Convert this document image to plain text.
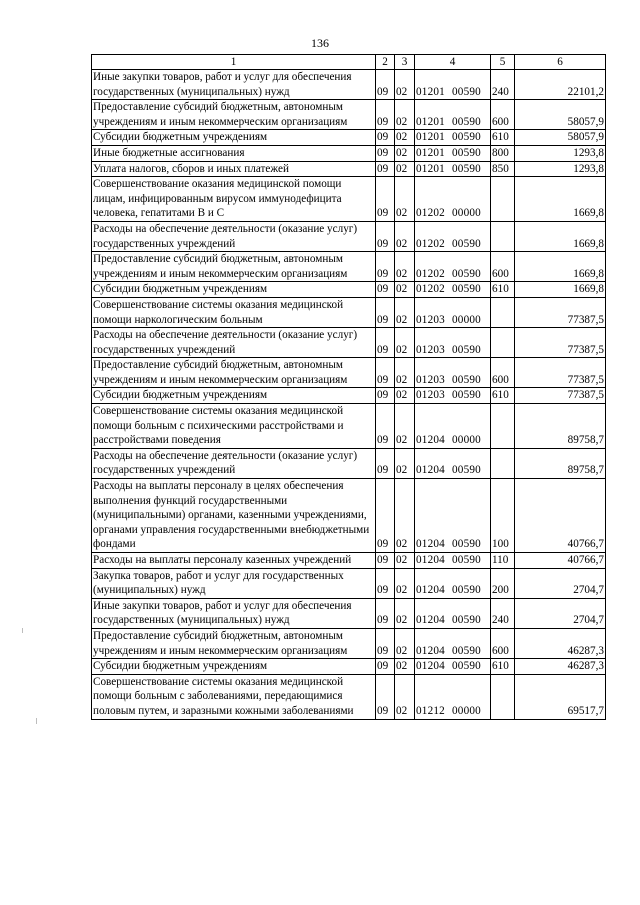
136
1	2	3	4	5	6
Иные закупки товаров, работ и услуг для обеспечения государственных (муниципальных) нужд	09	02	01201 00590	240	22101,2
Предоставление субсидий бюджетным, автономным учреждениям и иным некоммерческим организациям	09	02	01201 00590	600	58057,9
Субсидии бюджетным учреждениям	09	02	01201 00590	610	58057,9
Иные бюджетные ассигнования	09	02	01201 00590	800	1293,8
Уплата налогов, сборов и иных платежей	09	02	01201 00590	850	1293,8
Совершенствование оказания медицинской помощи лицам, инфицированным вирусом иммунодефицита человека, гепатитами В и С	09	02	01202 00000		1669,8
Расходы на обеспечение деятельности (оказание услуг) государственных учреждений	09	02	01202 00590		1669,8
Предоставление субсидий бюджетным, автономным учреждениям и иным некоммерческим организациям	09	02	01202 00590	600	1669,8
Субсидии бюджетным учреждениям	09	02	01202 00590	610	1669,8
Совершенствование системы оказания медицинской помощи наркологическим больным	09	02	01203 00000		77387,5
Расходы на обеспечение деятельности (оказание услуг) государственных учреждений	09	02	01203 00590		77387,5
Предоставление субсидий бюджетным, автономным учреждениям и иным некоммерческим организациям	09	02	01203 00590	600	77387,5
Субсидии бюджетным учреждениям	09	02	01203 00590	610	77387,5
Совершенствование системы оказания медицинской помощи больным с психическими расстройствами и расстройствами поведения	09	02	01204 00000		89758,7
Расходы на обеспечение деятельности (оказание услуг) государственных учреждений	09	02	01204 00590		89758,7
Расходы на выплаты персоналу в целях обеспечения выполнения функций государственными (муниципальными) органами, казенными учреждениями, органами управления государственными внебюджетными фондами	09	02	01204 00590	100	40766,7
Расходы на выплаты персоналу казенных учреждений	09	02	01204 00590	110	40766,7
Закупка товаров, работ и услуг для государственных (муниципальных) нужд	09	02	01204 00590	200	2704,7
Иные закупки товаров, работ и услуг для обеспечения государственных (муниципальных) нужд	09	02	01204 00590	240	2704,7
Предоставление субсидий бюджетным, автономным учреждениям и иным некоммерческим организациям	09	02	01204 00590	600	46287,3
Субсидии бюджетным учреждениям	09	02	01204 00590	610	46287,3
Совершенствование системы оказания медицинской помощи больным с заболеваниями, передающимися половым путем, и заразными кожными заболеваниями	09	02	01212 00000		69517,7
